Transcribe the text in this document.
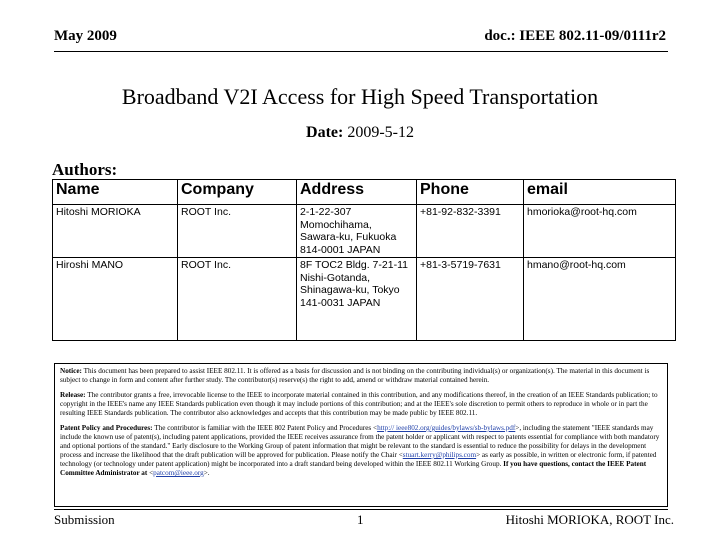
May 2009	doc.: IEEE 802.11-09/0111r2
Broadband V2I Access for High Speed Transportation
Date: 2009-5-12
Authors:
Name	Company	Address	Phone	email
Hitoshi MORIOKA	ROOT Inc.	2-1-22-307 Momochihama, Sawara-ku, Fukuoka 814-0001 JAPAN	+81-92-832-3391	hmorioka@root-hq.com
Hiroshi MANO	ROOT Inc.	8F TOC2 Bldg. 7-21-11 Nishi-Gotanda, Shinagawa-ku, Tokyo 141-0031 JAPAN	+81-3-5719-7631	hmano@root-hq.com

Notice: This document has been prepared to assist IEEE 802.11. It is offered as a basis for discussion and is not binding on the contributing individual(s) or organization(s). The material in this document is subject to change in form and content after further study. The contributor(s) reserve(s) the right to add, amend or withdraw material contained herein.

Release: The contributor grants a free, irrevocable license to the IEEE to incorporate material contained in this contribution, and any modifications thereof, in the creation of an IEEE Standards publication; to copyright in the IEEE's name any IEEE Standards publication even though it may include portions of this contribution; and at the IEEE's sole discretion to permit others to reproduce in whole or in part the resulting IEEE Standards publication. The contributor also acknowledges and accepts that this contribution may be made public by IEEE 802.11.

Patent Policy and Procedures: The contributor is familiar with the IEEE 802 Patent Policy and Procedures <http:// ieee802.org/guides/bylaws/sb-bylaws.pdf>, including the statement "IEEE standards may include the known use of patent(s), including patent applications, provided the IEEE receives assurance from the patent holder or applicant with respect to patents essential for compliance with both mandatory and optional portions of the standard." Early disclosure to the Working Group of patent information that might be relevant to the standard is essential to reduce the possibility for delays in the development process and increase the likelihood that the draft publication will be approved for publication. Please notify the Chair <stuart.kerry@philips.com> as early as possible, in written or electronic form, if patented technology (or technology under patent application) might be incorporated into a draft standard being developed within the IEEE 802.11 Working Group. If you have questions, contact the IEEE Patent Committee Administrator at <patcom@ieee.org>.

Submission	1	Hitoshi MORIOKA, ROOT Inc.
